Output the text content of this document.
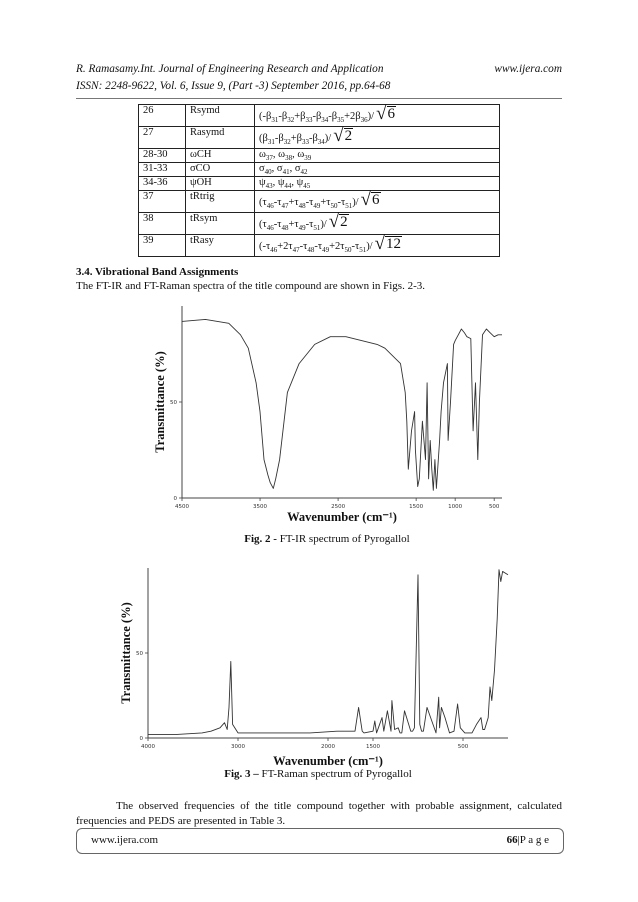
R. Ramasamy.Int. Journal of Engineering Research and Application	www.ijera.com
ISSN: 2248-9622, Vol. 6, Issue 9, (Part -3) September 2016, pp.64-68
26	Rsymd	$(-\beta_{31}-\beta_{32}+\beta_{33}-\beta_{34}-\beta_{35}+2\beta_{36})/$ √ 6

27	Rasymd	$(\beta_{31}-\beta_{32}+\beta_{33}-\beta_{34})/$ √ 2

28-30	ωCH	$\omega_{37}$, $\omega_{38}$, $\omega_{39}$
31-33	σCO	$\sigma_{40}$, $\sigma_{41}$, $\sigma_{42}$
34-36	ψOH	$\psi_{43}$, $\psi_{44}$, $\psi_{45}$
37	tRtrig	$(\tau_{46}-\tau_{47}+\tau_{48}-\tau_{49}+\tau_{50}-\tau_{51})/$ √ 6

38	tRsym	$(\tau_{46}-\tau_{48}+\tau_{49}-\tau_{51})/$ √ 2

39	tRasy	$(-\tau_{46}+2\tau_{47}-\tau_{48}-\tau_{49}+2\tau_{50}-\tau_{51})/$ √ 12
3.4. Vibrational Band Assignments
The FT-IR and FT-Raman spectra of the title compound are shown in Figs. 2-3.
4500	3500	2500	1500	1000	500
0
50
Wavenumber (cm⁻¹)
Transmittance (%)
Fig. 2 - FT-IR spectrum of Pyrogallol
4000	3000	2000	1500	500
0
50
Wavenumber (cm⁻¹)
Transmittance (%)
Fig. 3 – FT-Raman spectrum of Pyrogallol
The observed frequencies of the title compound together with probable assignment, calculated frequencies and PEDS are presented in Table 3.
www.ijera.com	66|P a g e
